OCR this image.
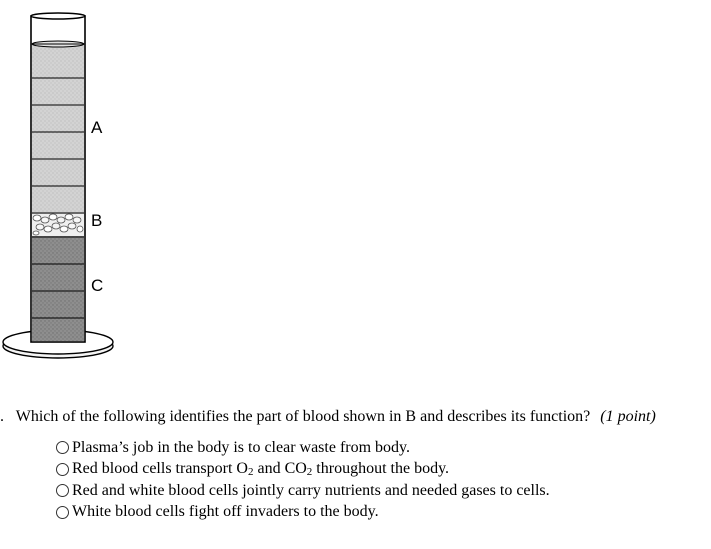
A
B
C
. Which of the following identifies the part of blood shown in B and describes its function? (1 point)
Plasma’s job in the body is to clear waste from body.
Red blood cells transport O2 and CO2 throughout the body.
Red and white blood cells jointly carry nutrients and needed gases to cells.
White blood cells fight off invaders to the body.
